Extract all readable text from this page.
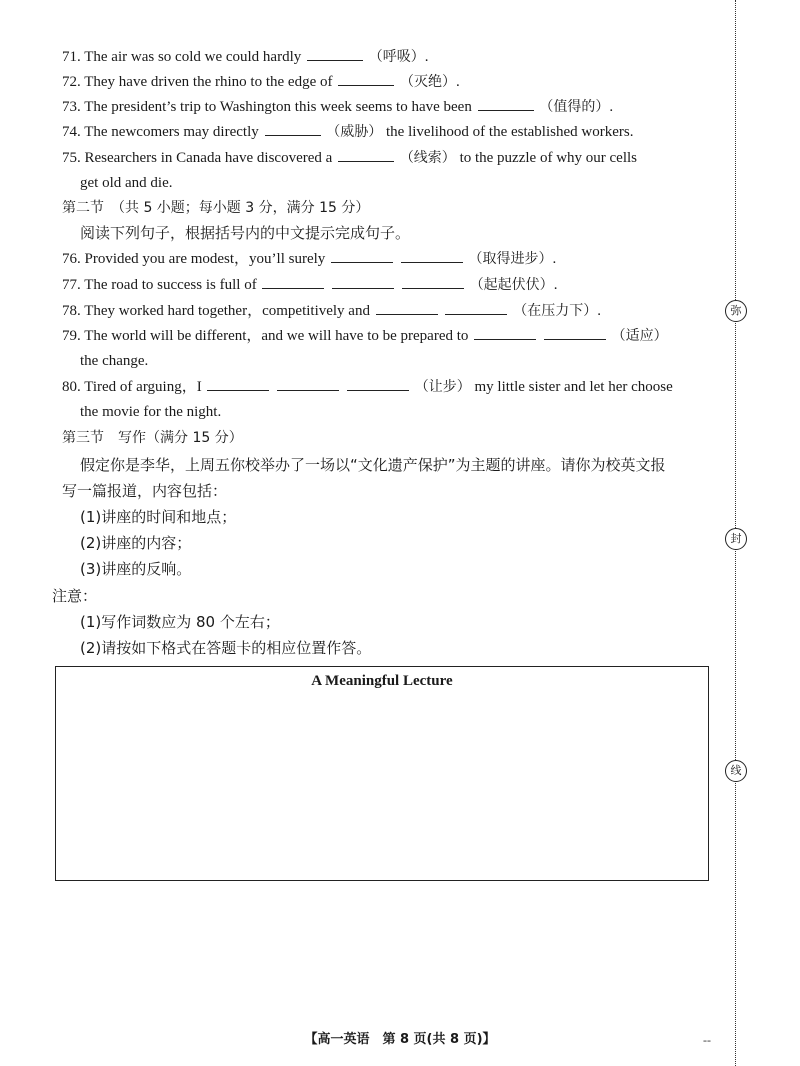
71. The air was so cold we could hardly	（呼吸）.
72. They have driven the rhino to the edge of	（灭绝）.
73. The president’s trip to Washington this week seems to have been	（值得的）.
74. The newcomers may directly	（威胁） the livelihood of the established workers.
75. Researchers in Canada have discovered a	（线索） to the puzzle of why our cells
get old and die.
第二节　（共 5 小题；每小题 3 分，满分 15 分）
阅读下列句子，根据括号内的中文提示完成句子。
76. Provided you are modest，you’ll surely	（取得进步）.
77. The road to success is full of	（起起伏伏）.
78. They worked hard together，competitively and	（在压力下）.
79. The world will be different，and we will have to be prepared to	（适应）
the change.
80. Tired of arguing，I	（让步） my little sister and let her choose
the movie for the night.
第三节　写作（满分 15 分）
假定你是李华，上周五你校举办了一场以“文化遗产保护”为主题的讲座。请你为校英文报
写一篇报道，内容包括：
(1)讲座的时间和地点；
(2)讲座的内容；
(3)讲座的反响。
注意：
(1)写作词数应为 80 个左右；
(2)请按如下格式在答题卡的相应位置作答。
A Meaningful Lecture
弥
封
线
【高一英语　第 8 页(共 8 页)】	--
